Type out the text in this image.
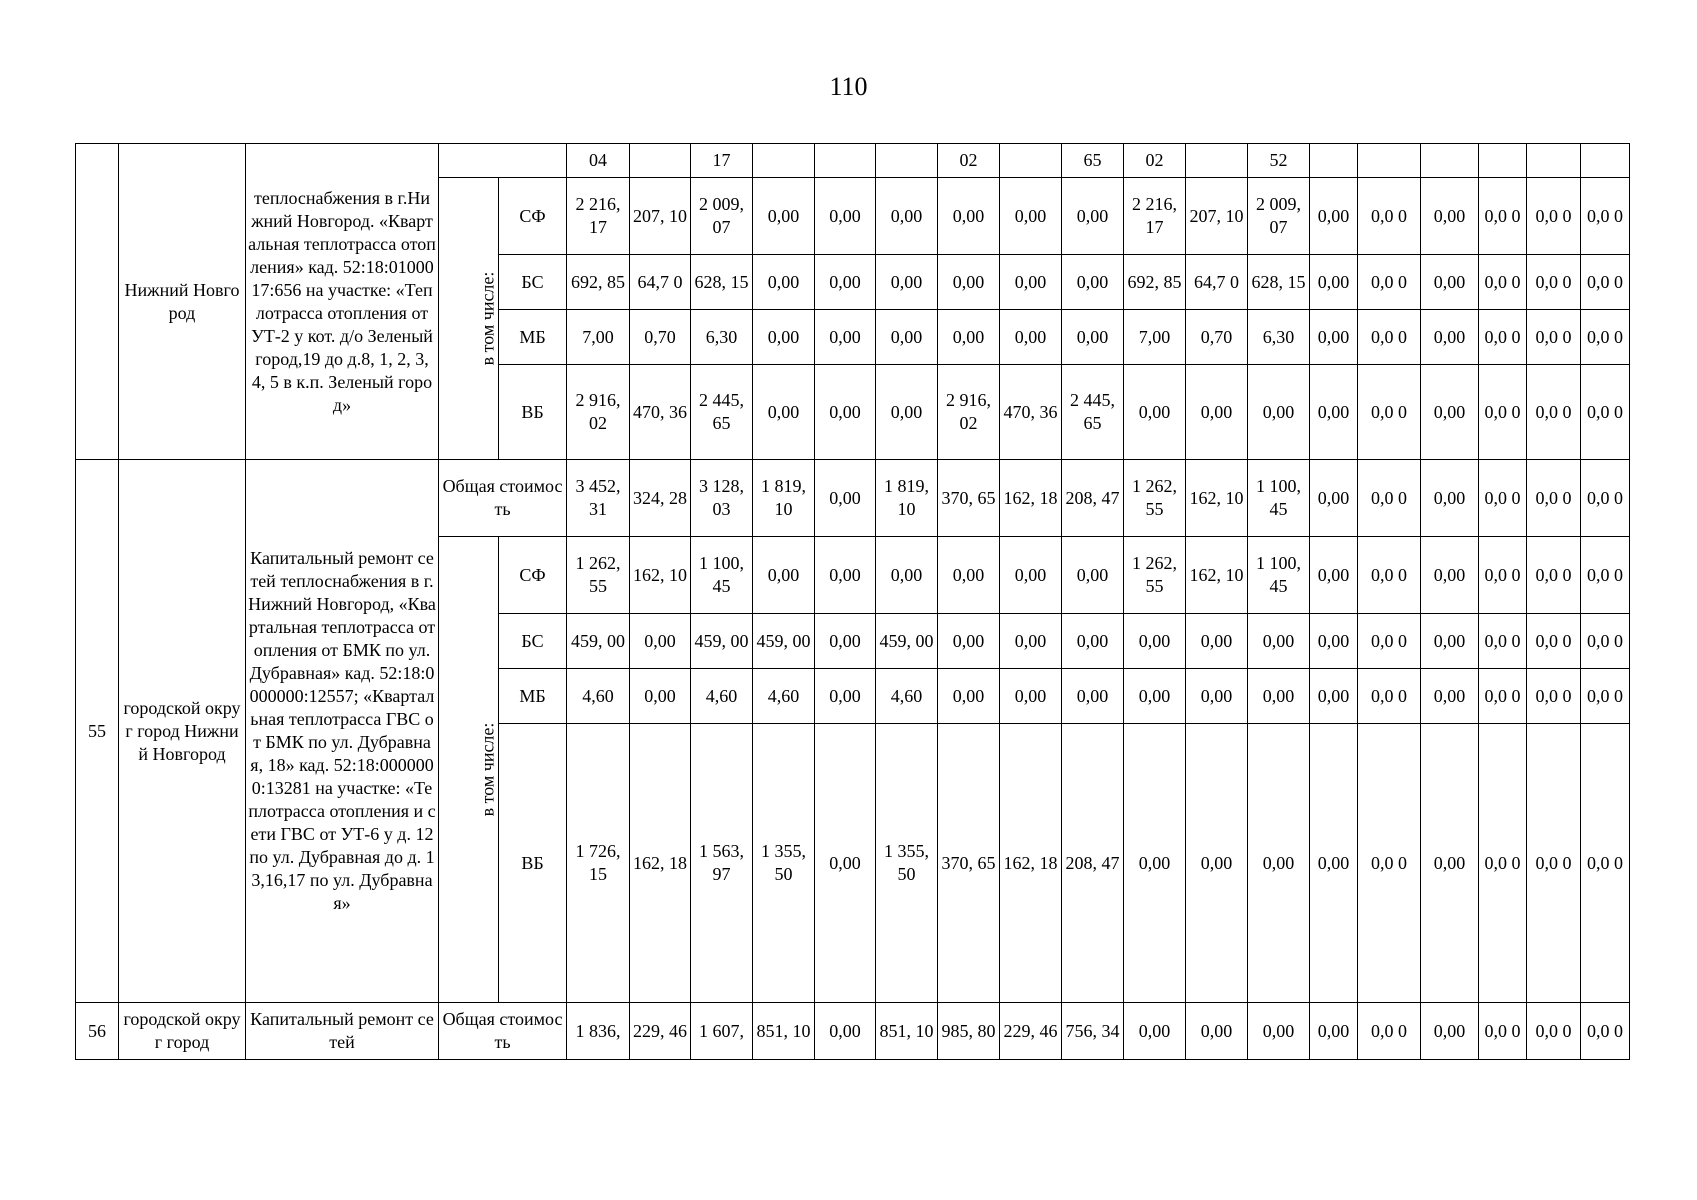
110
	Нижний Новгород	теплоснабжения в г.Нижний Новгород. «Квартальная теплотрасса отопления» кад. 52:18:0100017:656 на участке: «Теплотрасса отопления от УТ-2 у кот. д/о Зеленый город,19 до д.8, 1, 2, 3, 4, 5 в к.п. Зеленый город»			04		17				02		65	02		52						
			в том числе:	СФ	2 216, 17	207, 10	2 009, 07	0,00	0,00	0,00	0,00	0,00	0,00	2 216, 17	207, 10	2 009, 07	0,00	0,0 0	0,00	0,0 0	0,0 0	0,0 0
				БС	692, 85	64,7 0	628, 15	0,00	0,00	0,00	0,00	0,00	0,00	692, 85	64,7 0	628, 15	0,00	0,0 0	0,00	0,0 0	0,0 0	0,0 0
				МБ	7,00	0,70	6,30	0,00	0,00	0,00	0,00	0,00	0,00	7,00	0,70	6,30	0,00	0,0 0	0,00	0,0 0	0,0 0	0,0 0
				ВБ	2 916, 02	470, 36	2 445, 65	0,00	0,00	0,00	2 916, 02	470, 36	2 445, 65	0,00	0,00	0,00	0,00	0,0 0	0,00	0,0 0	0,0 0	0,0 0
55	городской округ город Нижний Новгород	Капитальный ремонт сетей теплоснабжения в г.Нижний Новгород, «Квартальная теплотрасса отопления от БМК по ул. Дубравная» кад. 52:18:0000000:12557; «Квартальная теплотрасса ГВС от БМК по ул. Дубравная, 18» кад. 52:18:0000000:13281 на участке: «Теплотрасса отопления и сети ГВС от УТ-6 у д. 12 по ул. Дубравная до д. 13,16,17 по ул. Дубравная»	Общая стоимость		3 452, 31	324, 28	3 128, 03	1 819, 10	0,00	1 819, 10	370, 65	162, 18	208, 47	1 262, 55	162, 10	1 100, 45	0,00	0,0 0	0,00	0,0 0	0,0 0	0,0 0
			в том числе:	СФ	1 262, 55	162, 10	1 100, 45	0,00	0,00	0,00	0,00	0,00	0,00	1 262, 55	162, 10	1 100, 45	0,00	0,0 0	0,00	0,0 0	0,0 0	0,0 0
				БС	459, 00	0,00	459, 00	459, 00	0,00	459, 00	0,00	0,00	0,00	0,00	0,00	0,00	0,00	0,0 0	0,00	0,0 0	0,0 0	0,0 0
				МБ	4,60	0,00	4,60	4,60	0,00	4,60	0,00	0,00	0,00	0,00	0,00	0,00	0,00	0,0 0	0,00	0,0 0	0,0 0	0,0 0
				ВБ	1 726, 15	162, 18	1 563, 97	1 355, 50	0,00	1 355, 50	370, 65	162, 18	208, 47	0,00	0,00	0,00	0,00	0,0 0	0,00	0,0 0	0,0 0	0,0 0
56	городской округ город	Капитальный ремонт сетей	Общая стоимость		1 836,	229, 46	1 607,	851, 10	0,00	851, 10	985, 80	229, 46	756, 34	0,00	0,00	0,00	0,00	0,0 0	0,00	0,0 0	0,0 0	0,0 0
